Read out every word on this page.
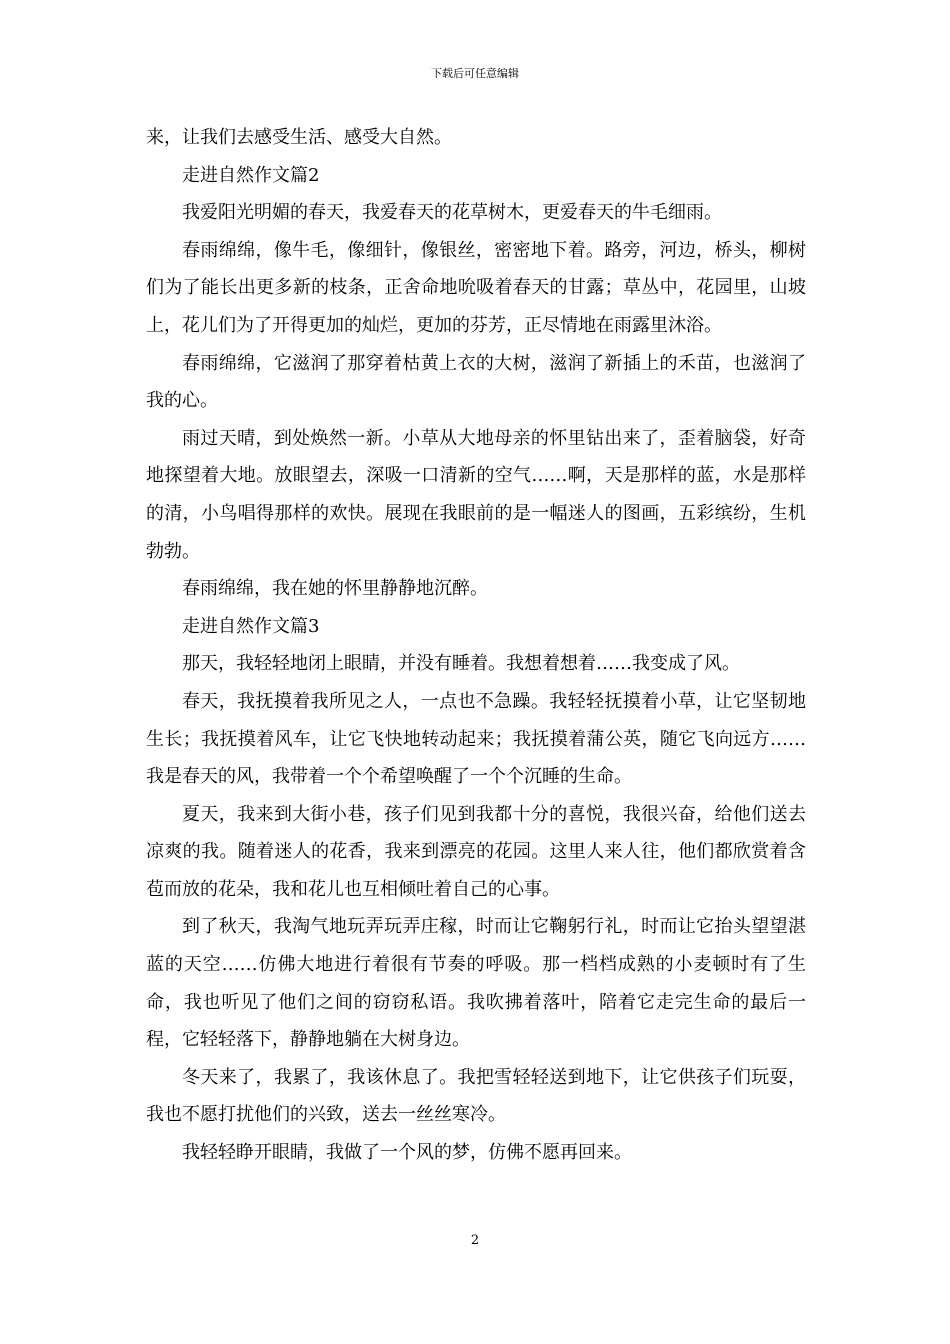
下载后可任意编辑

来，让我们去感受生活、感受大自然。

走进自然作文篇2

我爱阳光明媚的春天，我爱春天的花草树木，更爱春天的牛毛细雨。

春雨绵绵，像牛毛，像细针，像银丝，密密地下着。路旁，河边，桥头，柳树们为了能长出更多新的枝条，正舍命地吮吸着春天的甘露；草丛中，花园里，山坡上，花儿们为了开得更加的灿烂，更加的芬芳，正尽情地在雨露里沐浴。

春雨绵绵，它滋润了那穿着枯黄上衣的大树，滋润了新插上的禾苗，也滋润了我的心。

雨过天晴，到处焕然一新。小草从大地母亲的怀里钻出来了，歪着脑袋，好奇地探望着大地。放眼望去，深吸一口清新的空气……啊，天是那样的蓝，水是那样的清，小鸟唱得那样的欢快。展现在我眼前的是一幅迷人的图画，五彩缤纷，生机勃勃。

春雨绵绵，我在她的怀里静静地沉醉。

走进自然作文篇3

那天，我轻轻地闭上眼睛，并没有睡着。我想着想着……我变成了风。

春天，我抚摸着我所见之人，一点也不急躁。我轻轻抚摸着小草，让它坚韧地生长；我抚摸着风车，让它飞快地转动起来；我抚摸着蒲公英，随它飞向远方……我是春天的风，我带着一个个希望唤醒了一个个沉睡的生命。

夏天，我来到大街小巷，孩子们见到我都十分的喜悦，我很兴奋，给他们送去凉爽的我。随着迷人的花香，我来到漂亮的花园。这里人来人往，他们都欣赏着含苞而放的花朵，我和花儿也互相倾吐着自己的心事。

到了秋天，我淘气地玩弄玩弄庄稼，时而让它鞠躬行礼，时而让它抬头望望湛蓝的天空……仿佛大地进行着很有节奏的呼吸。那一档档成熟的小麦顿时有了生命，我也听见了他们之间的窃窃私语。我吹拂着落叶，陪着它走完生命的最后一程，它轻轻落下，静静地躺在大树身边。

冬天来了，我累了，我该休息了。我把雪轻轻送到地下，让它供孩子们玩耍，我也不愿打扰他们的兴致，送去一丝丝寒冷。

我轻轻睁开眼睛，我做了一个风的梦，仿佛不愿再回来。

2
